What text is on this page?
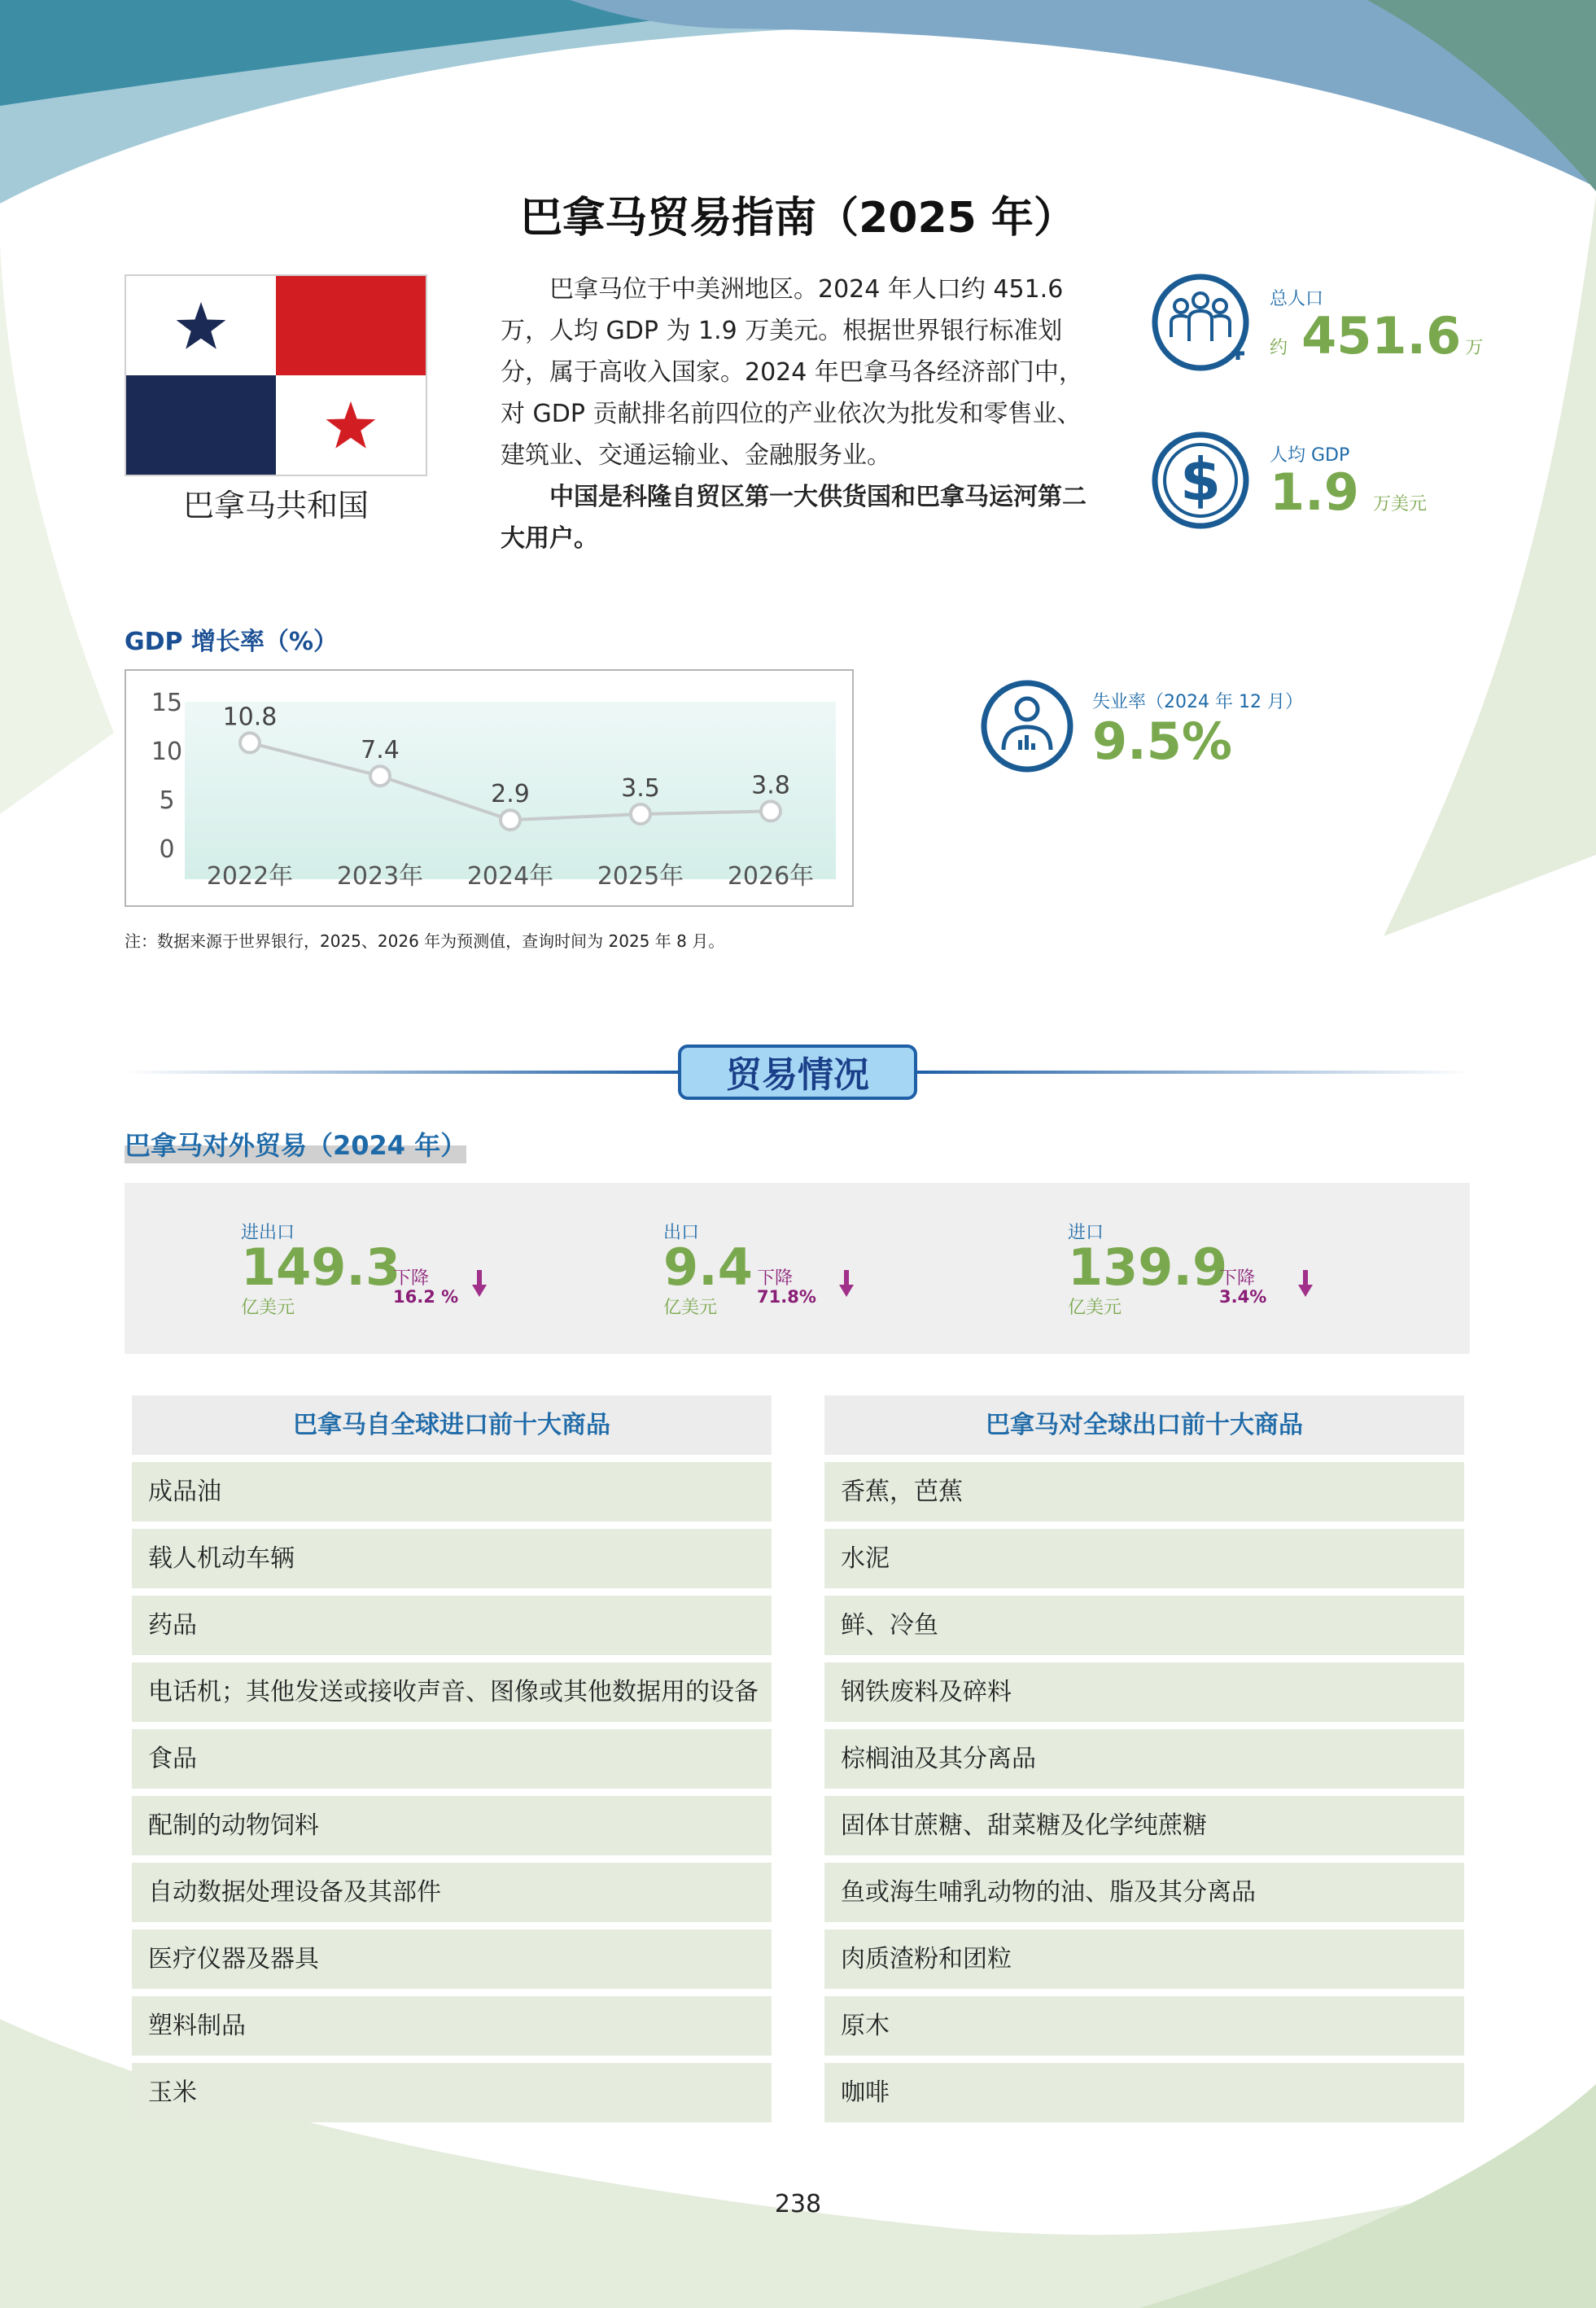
巴拿马贸易指南（2025 年）
巴拿马共和国

巴拿马位于中美洲地区。2024 年人口约 451.6 万，人均 GDP 为 1.9 万美元。根据世界银行标准划分，属于高收入国家。2024 年巴拿马各经济部门中，对 GDP 贡献排名前四位的产业依次为批发和零售业、建筑业、交通运输业、金融服务业。

中国是科隆自贸区第一大供货国和巴拿马运河第二大用户。

总人口
约 451.6 万
$	人均 GDP
1.9 万美元
GDP 增长率（%）
15
10
5
0
10.8
7.4
2.9	3.5	3.8
2022年 2023年 2024年 2025年 2026年
失业率（2024 年 12 月）
9.5%
注：数据来源于世界银行，2025、2026 年为预测值，查询时间为 2025 年 8 月。
贸易情况
巴拿马对外贸易（2024 年）
进出口
149.3
亿美元
下降
16.2 %
出口
9.4
亿美元
下降
71.8%
进口
139.9
亿美元
下降
3.4%
巴拿马自全球进口前十大商品
成品油
载人机动车辆
药品
电话机；其他发送或接收声音、图像或其他数据用的设备
食品
配制的动物饲料
自动数据处理设备及其部件
医疗仪器及器具
塑料制品
玉米
巴拿马对全球出口前十大商品
香蕉，芭蕉
水泥
鲜、冷鱼
钢铁废料及碎料
棕榈油及其分离品
固体甘蔗糖、甜菜糖及化学纯蔗糖
鱼或海生哺乳动物的油、脂及其分离品
肉质渣粉和团粒
原木
咖啡
238
